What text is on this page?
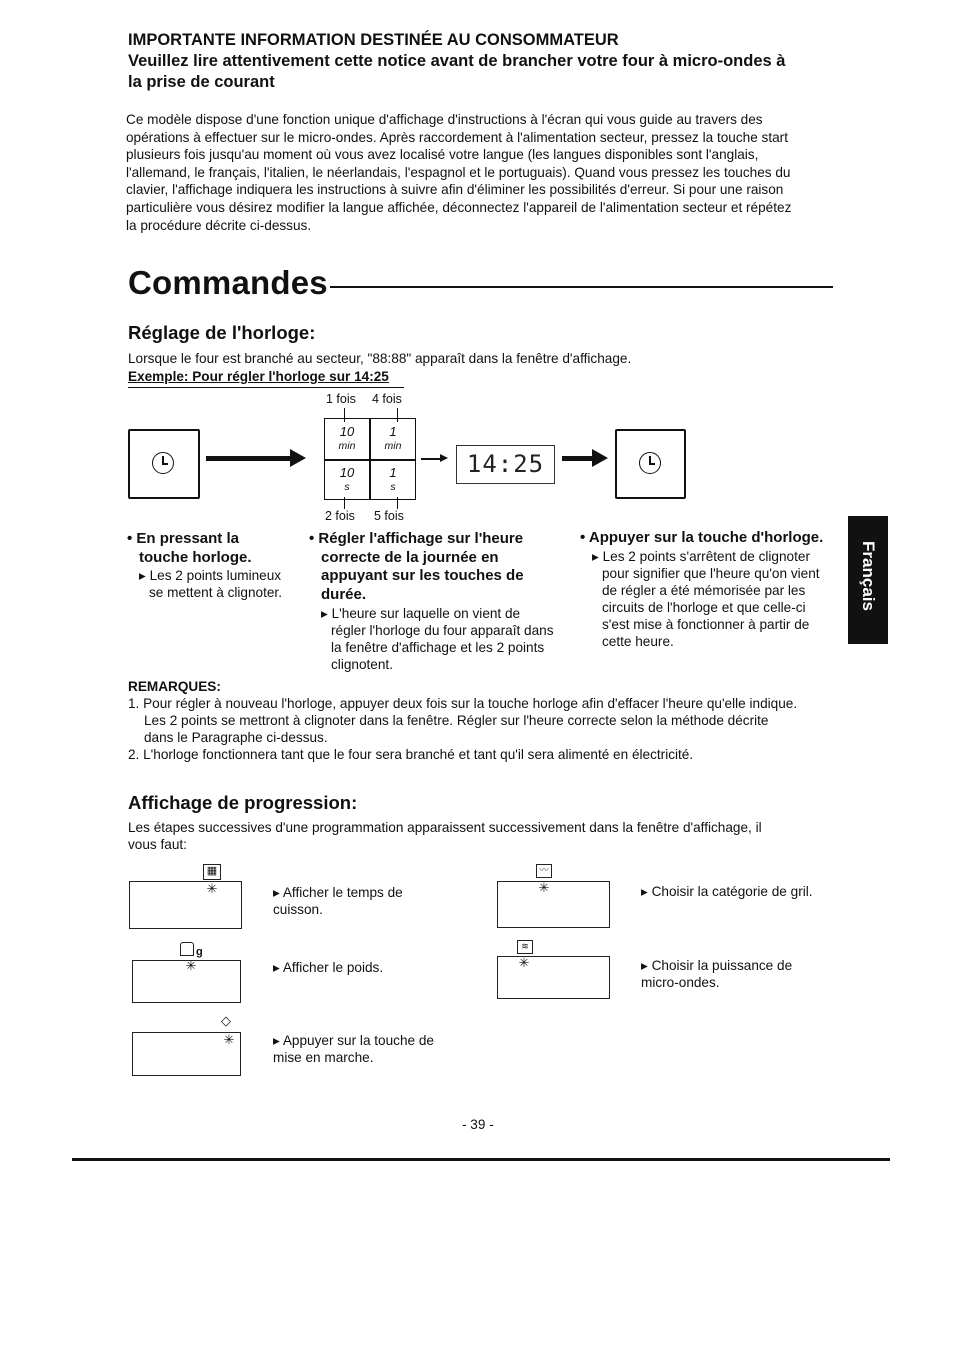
IMPORTANTE INFORMATION DESTINÉE AU CONSOMMATEUR

Veuillez lire attentivement cette notice avant de brancher votre four à micro-ondes à

la prise de courant

Ce modèle dispose d'une fonction unique d'affichage d'instructions à l'écran qui vous guide au travers des

opérations à effectuer sur le micro-ondes. Après raccordement à l'alimentation secteur, pressez la touche start

plusieurs fois jusqu'au moment où vous avez localisé votre langue (les langues disponibles sont l'anglais,

l'allemand, le français, l'italien, le néerlandais, l'espagnol et le portuguais). Quand vous pressez les touches du

clavier, l'affichage indiquera les instructions à suivre afin d'éliminer les possibilités d'erreur. Si pour une raison

particulière vous désirez modifier la langue affichée, déconnectez l'appareil de l'alimentation secteur et répétez

la procédure décrite ci-dessus.

Commandes
Réglage de l'horloge:
Lorsque le four est branché au secteur, "88:88" apparaît dans la fenêtre d'affichage.
Exemple: Pour régler l'horloge sur 14:25
1 fois 4 fois
10
min
1
min
10
s
1
s
2 fois 5 fois
14:25
• En pressant la touche horloge.
▸ Les 2 points lumineux se mettent à clignoter.
• Régler l'affichage sur l'heure correcte de la journée en appuyant sur les touches de durée.
▸ L'heure sur laquelle on vient de régler l'horloge du four apparaît dans la fenêtre d'affichage et les 2 points clignotent.
• Appuyer sur la touche d'horloge.
▸ Les 2 points s'arrêtent de clignoter pour signifier que l'heure qu'on vient de régler a été mémorisée par les circuits de l'horloge et que celle-ci s'est mise à fonctionner à partir de cette heure.
Français
REMARQUES:
1. Pour régler à nouveau l'horloge, appuyer deux fois sur la touche horloge afin d'effacer l'heure qu'elle indique.
Les 2 points se mettront à clignoter dans la fenêtre. Régler sur l'heure correcte selon la méthode décrite
dans le Paragraphe ci-dessus.
2. L'horloge fonctionnera tant que le four sera branché et tant qu'il sera alimenté en électricité.
Affichage de progression:
Les étapes successives d'une programmation apparaissent successivement dans la fenêtre d'affichage, il
vous faut:
▦
✳	▸ Afficher le temps de cuisson.
g
✳	▸ Afficher le poids.
◇
✳	▸ Appuyer sur la touche de mise en marche.
〰
✳	▸ Choisir la catégorie de gril.
≋
✳	▸ Choisir la puissance de micro-ondes.
- 39 -
